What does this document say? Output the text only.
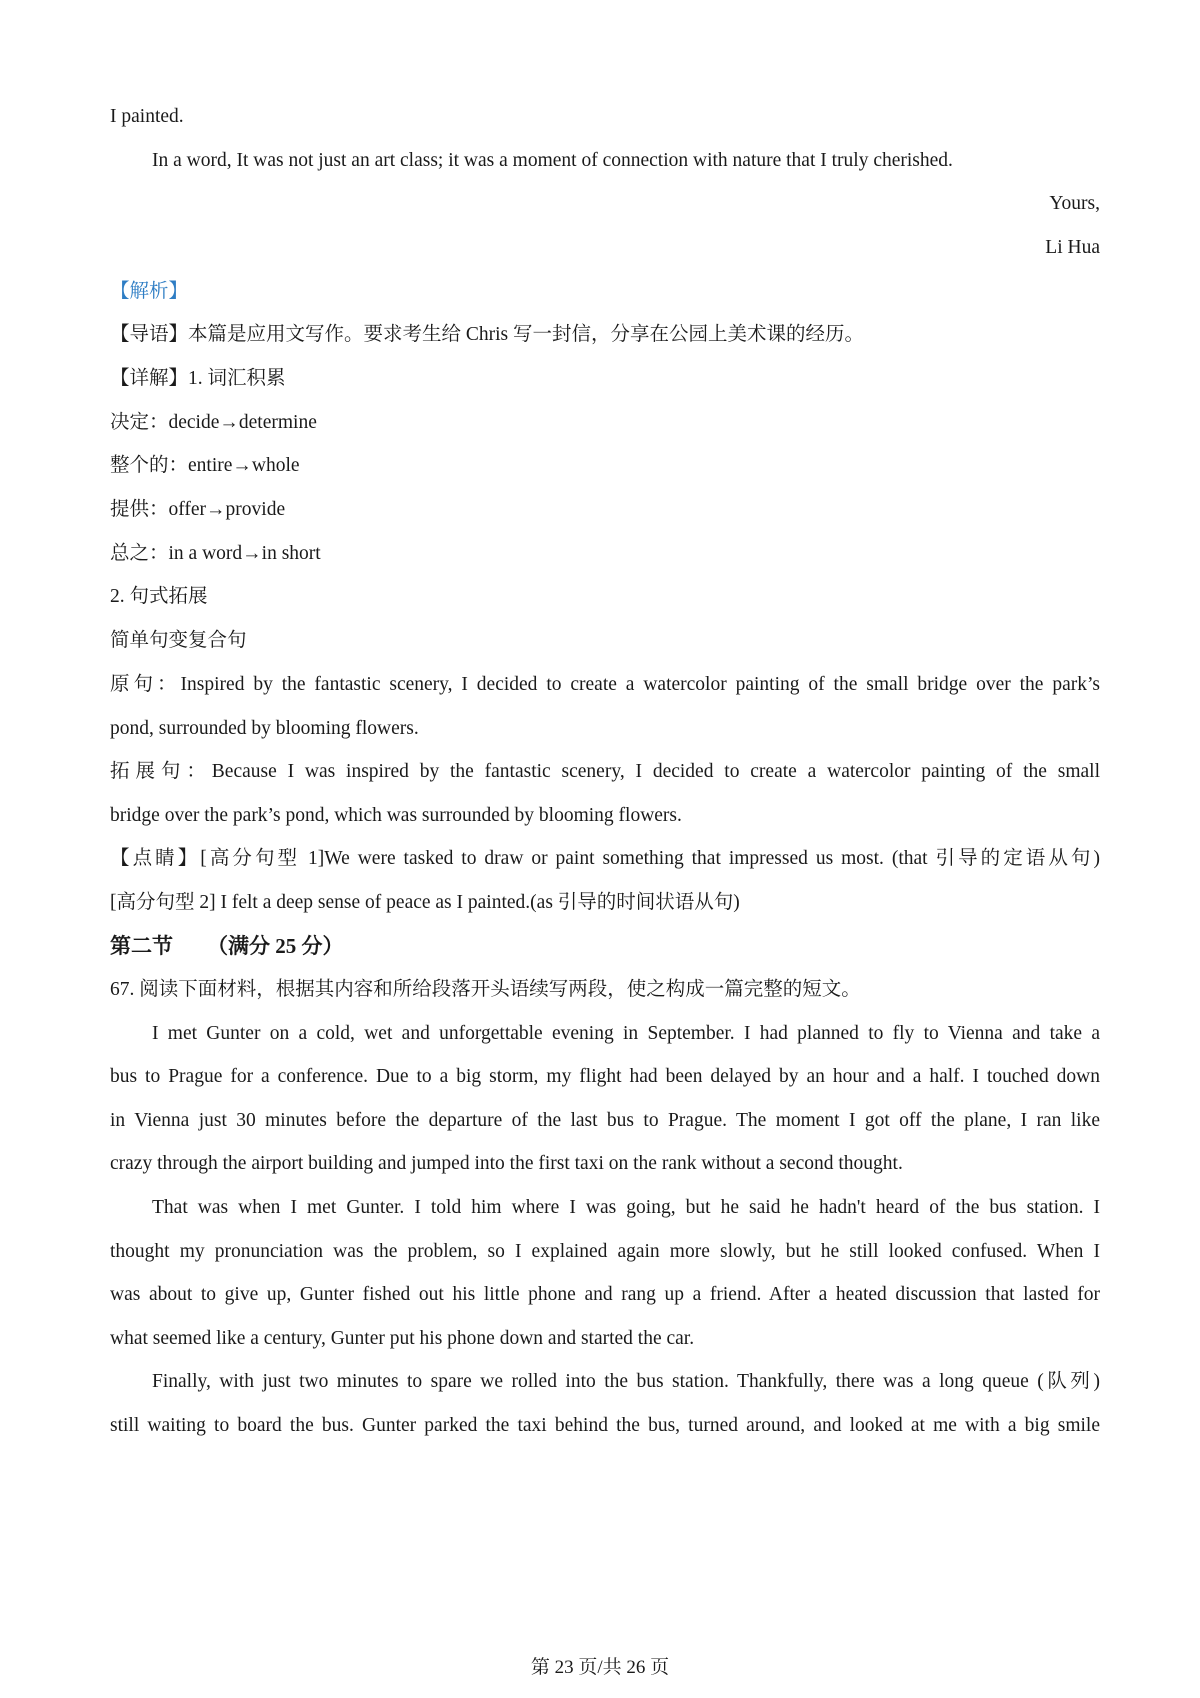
I painted.
In a word, It was not just an art class; it was a moment of connection with nature that I truly cherished.
Yours,
Li Hua
【解析】
【导语】本篇是应用文写作。要求考生给 Chris 写一封信，分享在公园上美术课的经历。
【详解】1. 词汇积累
决定：decide→determine
整个的：entire→whole
提供：offer→provide
总之：in a word→in short
2. 句式拓展
简单句变复合句
原句：Inspired by the fantastic scenery, I decided to create a watercolor painting of the small bridge over the park’s
pond, surrounded by blooming flowers.
拓展句：Because I was inspired by the fantastic scenery, I decided to create a watercolor painting of the small
bridge over the park’s pond, which was surrounded by blooming flowers.
【点睛】[高分句型 1]We were tasked to draw or paint something that impressed us most. (that 引导的定语从句)
[高分句型 2] I felt a deep sense of peace as I painted.(as 引导的时间状语从句)
第二节 （满分 25 分）
67. 阅读下面材料，根据其内容和所给段落开头语续写两段，使之构成一篇完整的短文。
I met Gunter on a cold, wet and unforgettable evening in September. I had planned to fly to Vienna and take a
bus to Prague for a conference. Due to a big storm, my flight had been delayed by an hour and a half. I touched down
in Vienna just 30 minutes before the departure of the last bus to Prague. The moment I got off the plane, I ran like
crazy through the airport building and jumped into the first taxi on the rank without a second thought.
That was when I met Gunter. I told him where I was going, but he said he hadn't heard of the bus station. I
thought my pronunciation was the problem, so I explained again more slowly, but he still looked confused. When I
was about to give up, Gunter fished out his little phone and rang up a friend. After a heated discussion that lasted for
what seemed like a century, Gunter put his phone down and started the car.
Finally, with just two minutes to spare we rolled into the bus station. Thankfully, there was a long queue (队列)
still waiting to board the bus. Gunter parked the taxi behind the bus, turned around, and looked at me with a big smile
第 23 页/共 26 页
